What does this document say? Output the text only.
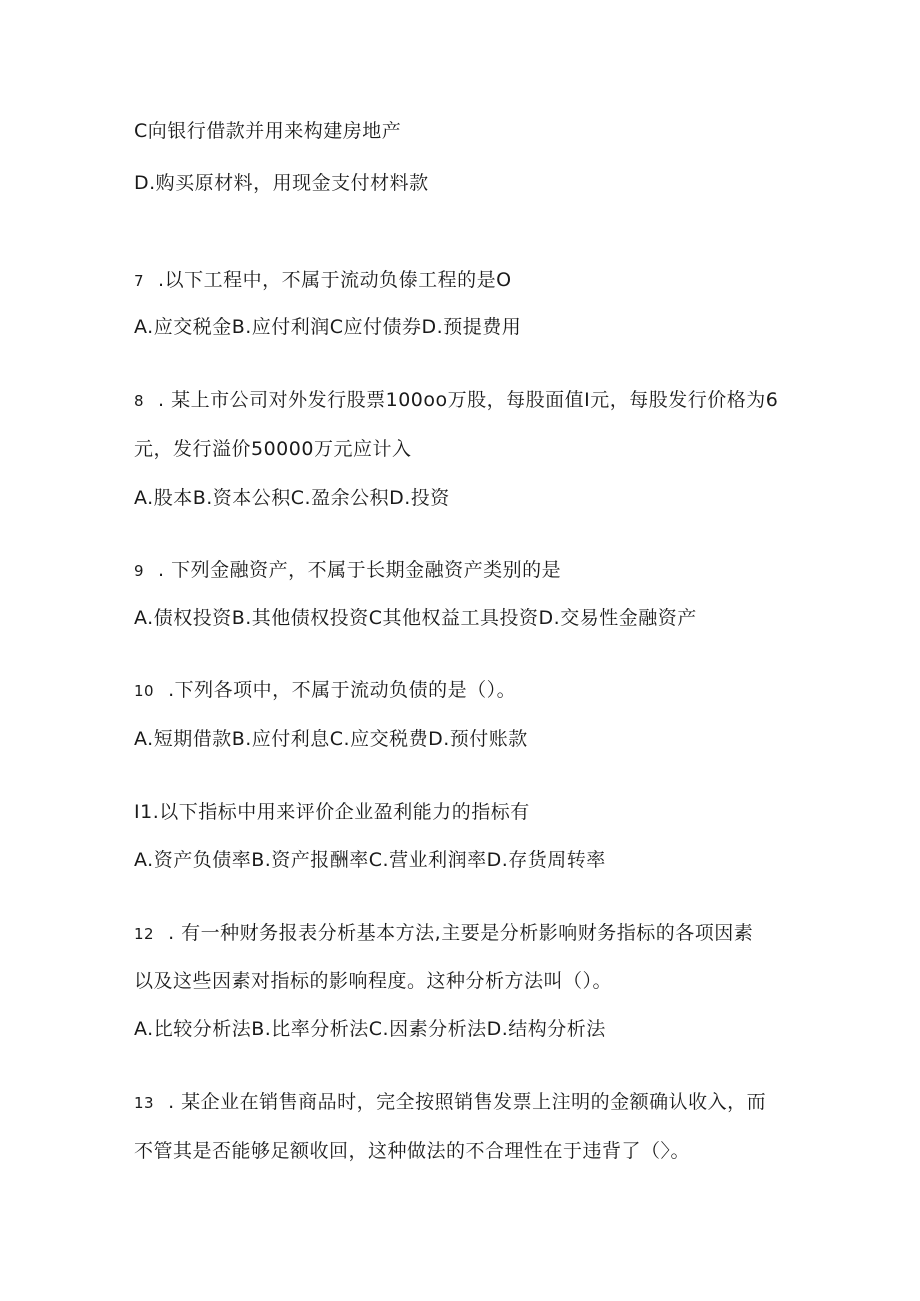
C向银行借款并用来构建房地产

D.购买原材料，用现金支付材料款

7 .以下工程中，不属于流动负傣工程的是O

A.应交税金B.应付利润C应付债券D.预提费用

8 . 某上市公司对外发行股票100oo万股，每股面值I元，每股发行价格为6

元，发行溢价50000万元应计入

A.股本B.资本公积C.盈余公积D.投资

9 . 下列金融资产，不属于长期金融资产类别的是

A.债权投资B.其他债权投资C其他权益工具投资D.交易性金融资产

10 .下列各项中，不属于流动负债的是（）。

A.短期借款B.应付利息C.应交税费D.预付账款

I1.以下指标中用来评价企业盈利能力的指标有

A.资产负债率B.资产报酬率C.营业利润率D.存货周转率

12 . 有一种财务报表分析基本方法,主要是分析影响财务指标的各项因素

以及这些因素对指标的影响程度。这种分析方法叫（）。

A.比较分析法B.比率分析法C.因素分析法D.结构分析法

13 . 某企业在销售商品时，完全按照销售发票上注明的金额确认收入，而

不管其是否能够足额收回，这种做法的不合理性在于违背了（〉。
